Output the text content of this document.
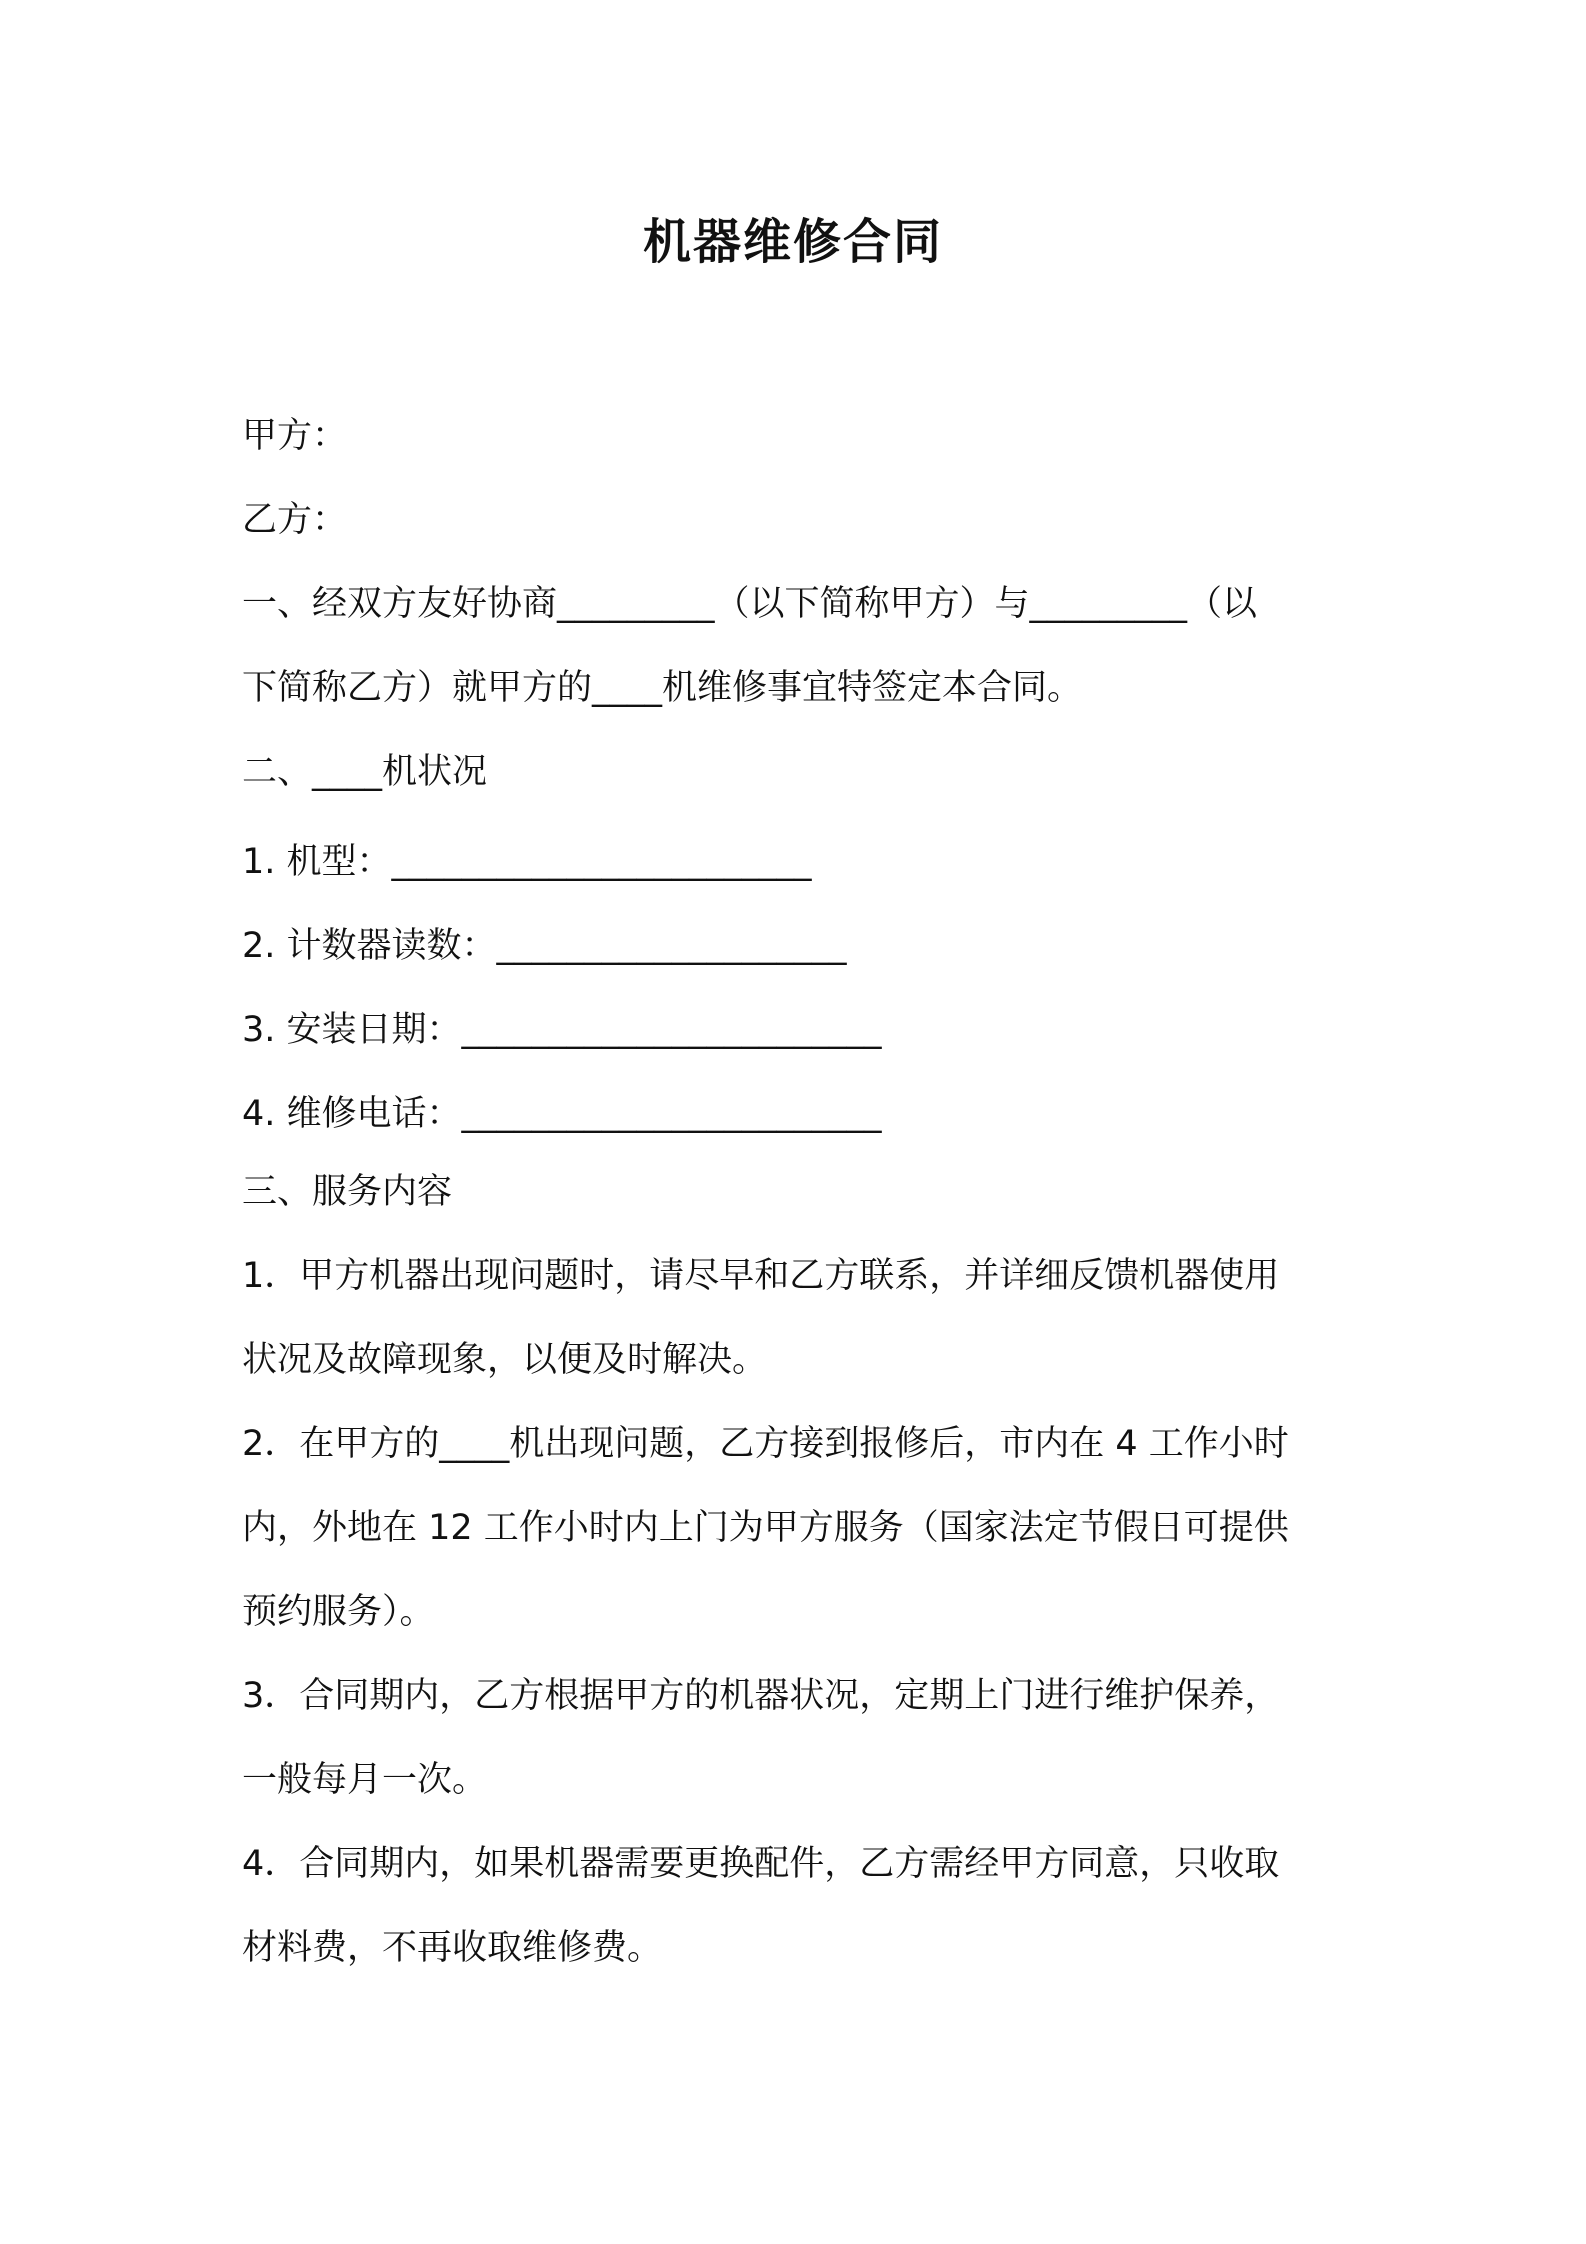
机器维修合同
甲方：
乙方：
一、经双方友好协商_________（以下简称甲方）与_________（以
下简称乙方）就甲方的____机维修事宜特签定本合同。
二、____机状况
1. 机型：________________________
2. 计数器读数：____________________
3. 安装日期：________________________
4. 维修电话：________________________
三、服务内容
1．甲方机器出现问题时，请尽早和乙方联系，并详细反馈机器使用
状况及故障现象，以便及时解决。
2．在甲方的____机出现问题，乙方接到报修后，市内在 4 工作小时
内，外地在 12 工作小时内上门为甲方服务（国家法定节假日可提供
预约服务）。
3．合同期内，乙方根据甲方的机器状况，定期上门进行维护保养，
一般每月一次。
4．合同期内，如果机器需要更换配件，乙方需经甲方同意，只收取
材料费，不再收取维修费。
